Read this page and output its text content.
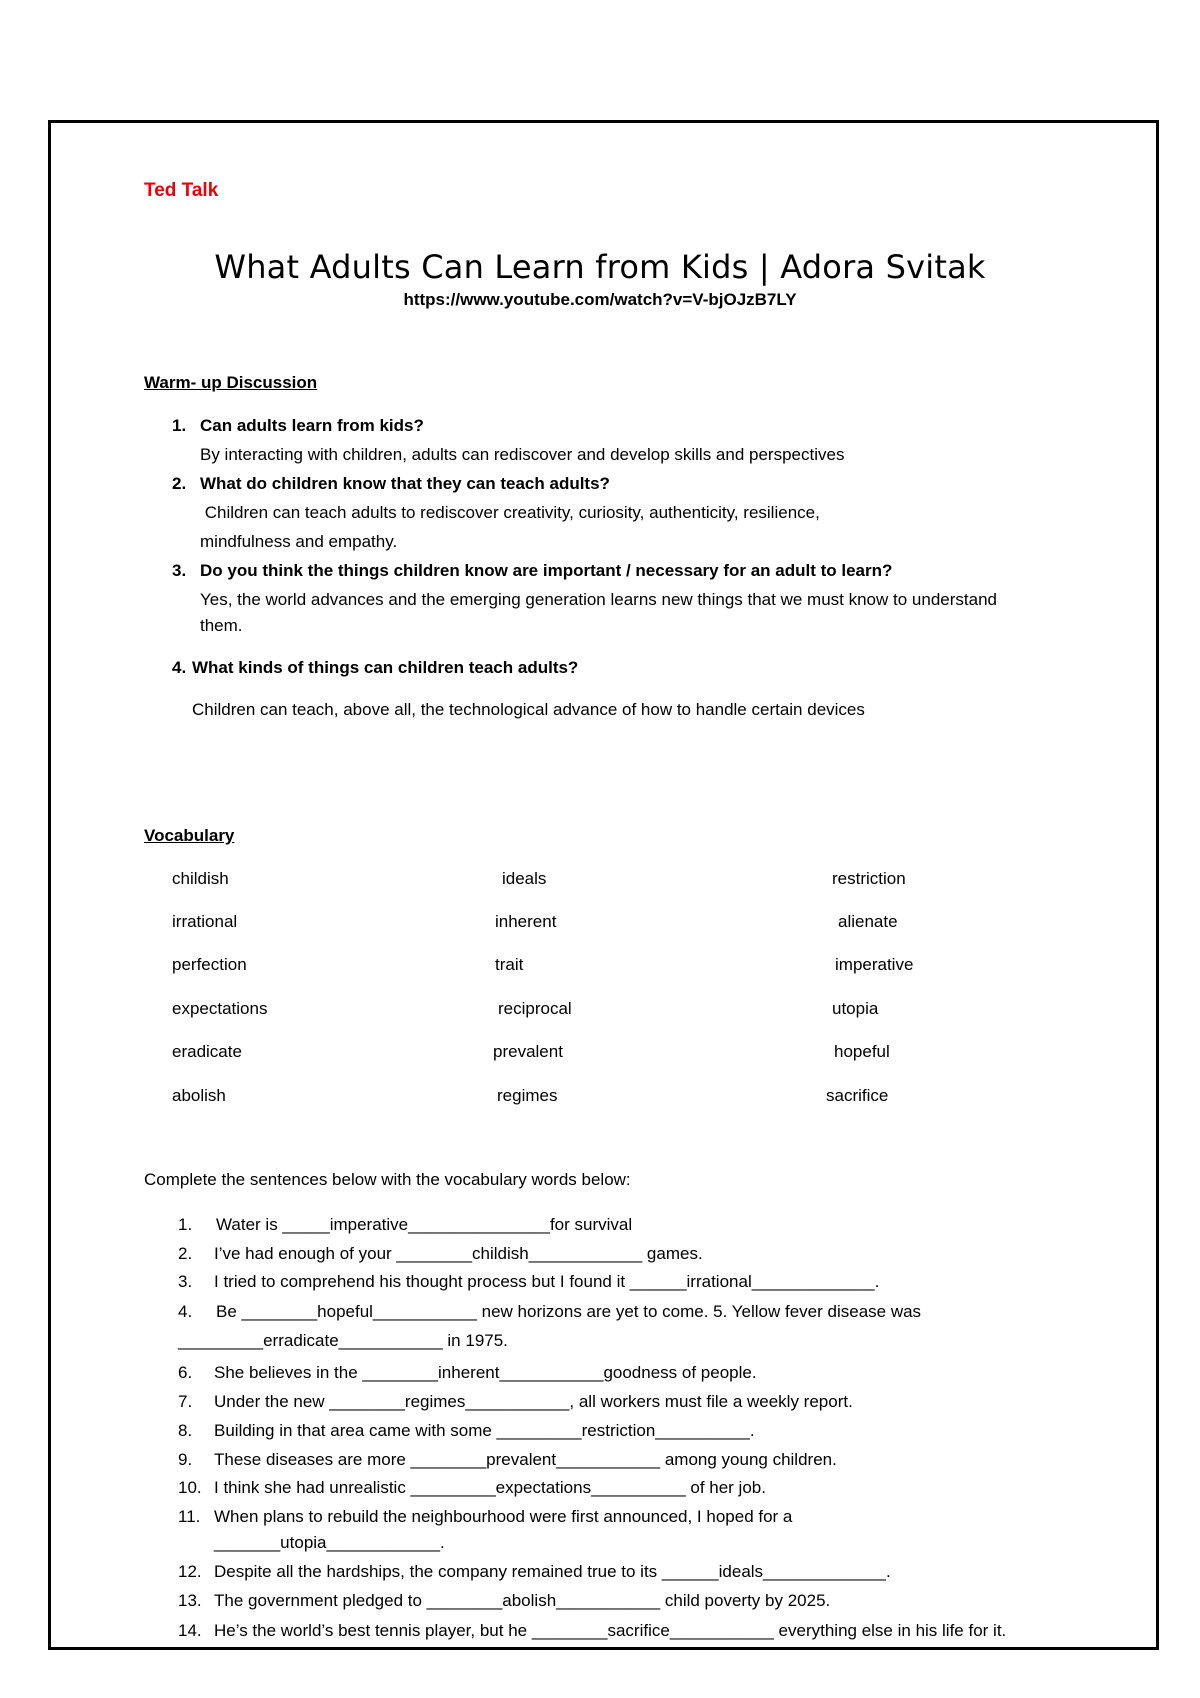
Ted Talk
What Adults Can Learn from Kids | Adora Svitak
https://www.youtube.com/watch?v=V-bjOJzB7LY
Warm- up Discussion
1. Can adults learn from kids?
By interacting with children, adults can rediscover and develop skills and perspectives
2. What do children know that they can teach adults?
Children can teach adults to rediscover creativity, curiosity, authenticity, resilience,
mindfulness and empathy.
3. Do you think the things children know are important / necessary for an adult to learn?
Yes, the world advances and the emerging generation learns new things that we must know to understand
them.
4. What kinds of things can children teach adults?
Children can teach, above all, the technological advance of how to handle certain devices
Vocabulary
childish
irrational
perfection
expectations
eradicate
abolish
ideals
inherent
trait
reciprocal
prevalent
regimes
restriction
alienate
imperative
utopia
hopeful
sacrifice
Complete the sentences below with the vocabulary words below:
1. Water is _____imperative_______________for survival
2. I’ve had enough of your ________childish____________ games.
3. I tried to comprehend his thought process but I found it ______irrational_____________.
4. Be ________hopeful___________ new horizons are yet to come. 5. Yellow fever disease was
_________erradicate___________ in 1975.
6. She believes in the ________inherent___________goodness of people.
7. Under the new ________regimes___________, all workers must file a weekly report.
8. Building in that area came with some _________restriction__________.
9. These diseases are more ________prevalent___________ among young children.
10. I think she had unrealistic _________expectations__________ of her job.
11. When plans to rebuild the neighbourhood were first announced, I hoped for a
_______utopia____________.
12. Despite all the hardships, the company remained true to its ______ideals_____________.
13. The government pledged to ________abolish___________ child poverty by 2025.
14. He’s the world’s best tennis player, but he ________sacrifice___________ everything else in his life for it.
